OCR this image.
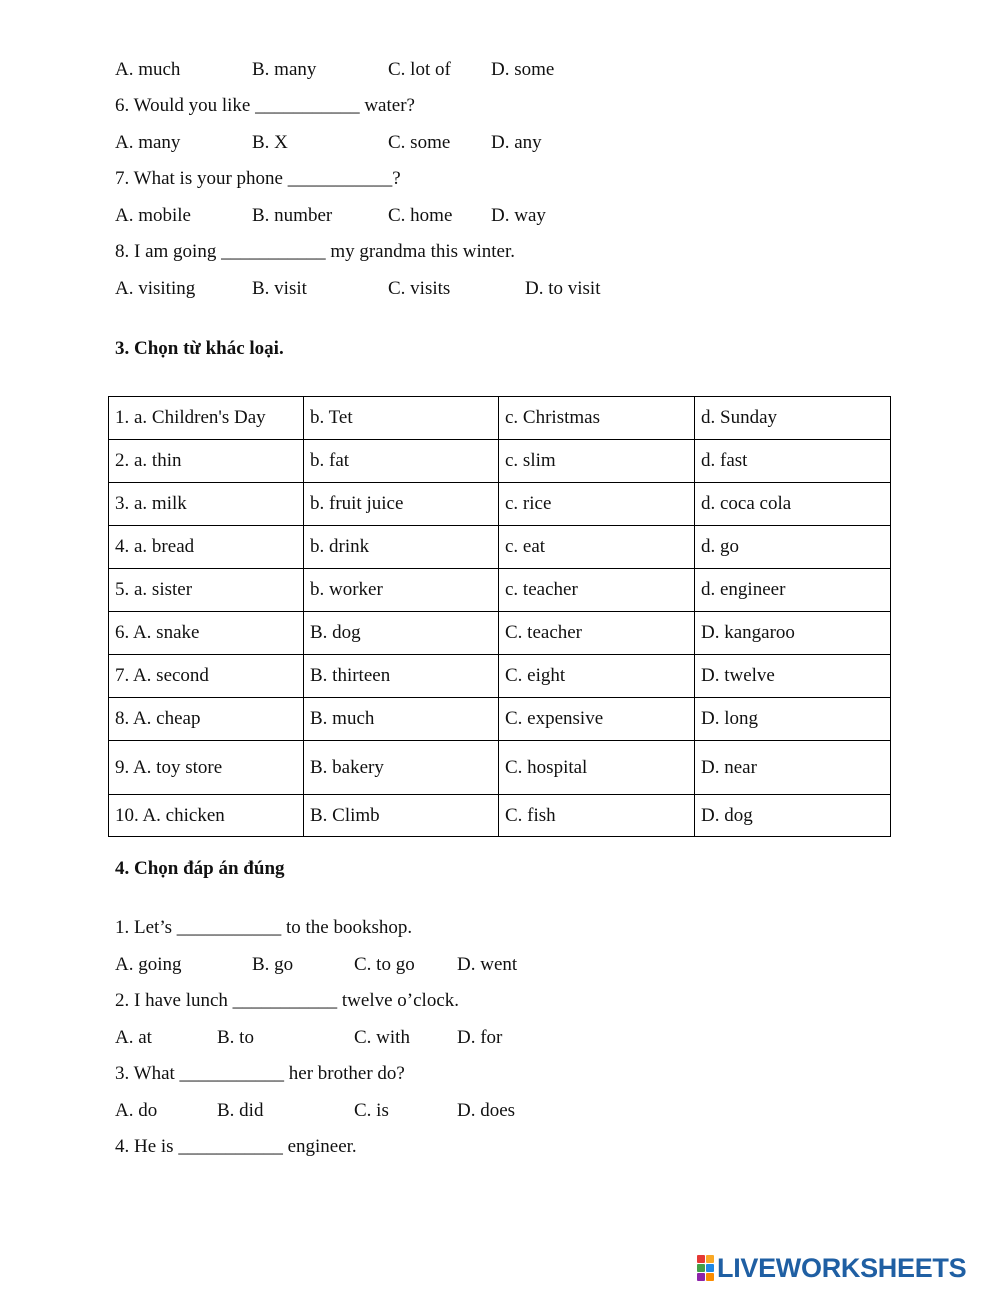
A. much	B. many	C. lot of D. some
6. Would you like ___________ water?
A. many	B. X	C. some D. any
7. What is your phone ___________?
A. mobile	B. number	C. home D. way
8. I am going ___________ my grandma this winter.
A. visiting	B. visit	C. visits	D. to visit
3. Chọn từ khác loại.
1. a. Children's Day	b. Tet	c. Christmas	d. Sunday
2. a. thin	b. fat	c. slim	d. fast
3. a. milk	b. fruit juice	c. rice	d. coca cola
4. a. bread	b. drink	c. eat	d. go
5. a. sister	b. worker	c. teacher	d. engineer
6. A. snake	B. dog	C. teacher	D. kangaroo
7. A. second	B. thirteen	C. eight	D. twelve
8. A. cheap	B. much	C. expensive	D. long
9. A. toy store	B. bakery	C. hospital	D. near
10. A. chicken	B. Climb	C. fish	D. dog
4. Chọn đáp án đúng
1. Let’s ___________ to the bookshop.
A. going	B. go	C. to go D. went
2. I have lunch ___________ twelve o’clock.
A. at	B. to	C. with D. for
3. What ___________ her brother do?
A. do	B. did	C. is	D. does
4. He is ___________ engineer.
LIVEWORKSHEETS
